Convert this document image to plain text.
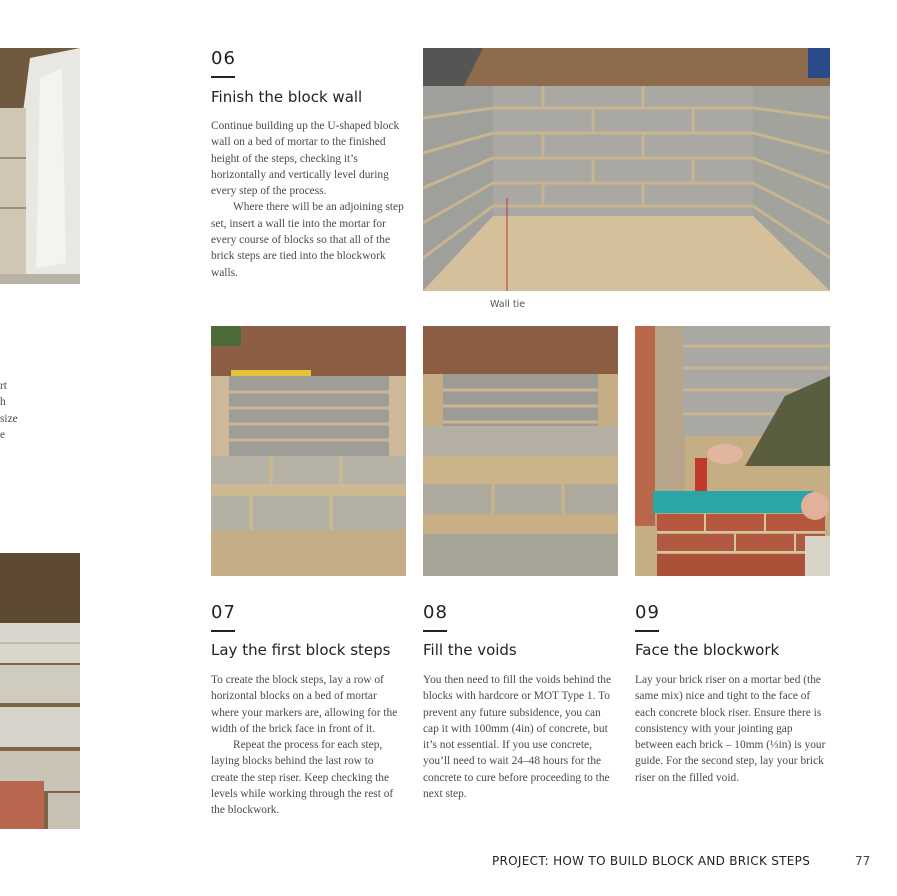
rt
h
size
e
06
Finish the block wall

Continue building up the U-shaped block wall on a bed of mortar to the finished height of the steps, checking it’s horizontally and vertically level during every step of the process.

Where there will be an adjoining step set, insert a wall tie into the mortar for every course of blocks so that all of the brick steps are tied into the blockwork walls.

Wall tie
07
Lay the first block steps

To create the block steps, lay a row of horizontal blocks on a bed of mortar where your markers are, allowing for the width of the brick face in front of it.

Repeat the process for each step, laying blocks behind the last row to create the step riser. Keep checking the levels while working through the rest of the blockwork.

08
Fill the voids

You then need to fill the voids behind the blocks with hardcore or MOT Type 1. To prevent any future subsidence, you can cap it with 100mm (4in) of concrete, but it’s not essential. If you use concrete, you’ll need to wait 24–48 hours for the concrete to cure before proceeding to the next step.

09
Face the blockwork

Lay your brick riser on a mortar bed (the same mix) nice and tight to the face of each concrete block riser. Ensure there is consistency with your jointing gap between each brick – 10mm (⅓in) is your guide. For the second step, lay your brick riser on the filled void.

PROJECT: HOW TO BUILD BLOCK AND BRICK STEPS	77
